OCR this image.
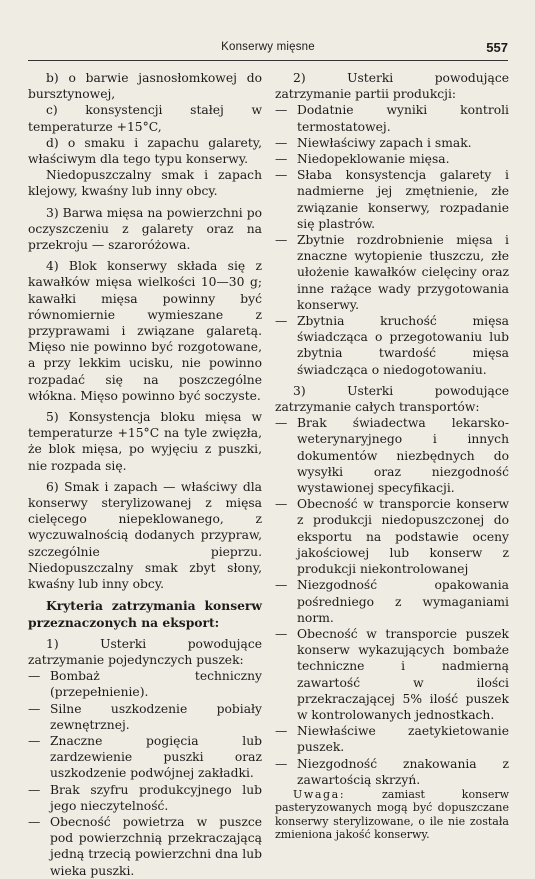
Konserwy mięsne	557

b) o barwie jasnosłomkowej do bursztynowej,

c) konsystencji stałej w temperaturze +15°C,

d) o smaku i zapachu galarety, właściwym dla tego typu konserwy.

Niedopuszczalny smak i zapach klejowy, kwaśny lub inny obcy.

3) Barwa mięsa na powierzchni po oczyszczeniu z galarety oraz na przekroju — szaroróżowa.

4) Blok konserwy składa się z kawałków mięsa wielkości 10—30 g; kawałki mięsa powinny być równomiernie wymieszane z przyprawami i związane galaretą. Mięso nie powinno być rozgotowane, a przy lekkim ucisku, nie powinno rozpadać się na poszczególne włókna. Mięso powinno być soczyste.

5) Konsystencja bloku mięsa w temperaturze +15°C na tyle zwięzła, że blok mięsa, po wyjęciu z puszki, nie rozpada się.

6) Smak i zapach — właściwy dla konserwy sterylizowanej z mięsa cielęcego niepeklowanego, z wyczuwalnością dodanych przypraw, szczególnie pieprzu. Niedopuszczalny smak zbyt słony, kwaśny lub inny obcy.

Kryteria zatrzymania konserw przeznaczonych na eksport:

1) Usterki powodujące zatrzymanie pojedynczych puszek:

— Bombaż techniczny (przepełnienie).
— Silne uszkodzenie pobiały zewnętrznej.
— Znaczne pogięcia lub zardzewienie puszki oraz uszkodzenie podwójnej zakładki.
— Brak szyfru produkcyjnego lub jego nieczytelność.
— Obecność powietrza w puszce pod powierzchnią przekraczającą jedną trzecią powierzchni dna lub wieka puszki.

2) Usterki powodujące zatrzymanie partii produkcji:

— Dodatnie wyniki kontroli termostatowej.
— Niewłaściwy zapach i smak.
— Niedopeklowanie mięsa.
— Słaba konsystencja galarety i nadmierne jej zmętnienie, złe związanie konserwy, rozpadanie się plastrów.
— Zbytnie rozdrobnienie mięsa i znaczne wytopienie tłuszczu, złe ułożenie kawałków cielęciny oraz inne rażące wady przygotowania konserwy.
— Zbytnia kruchość mięsa świadcząca o przegotowaniu lub zbytnia twardość mięsa świadcząca o niedogotowaniu.

3) Usterki powodujące zatrzymanie całych transportów:

— Brak świadectwa lekarsko-weterynaryjnego i innych dokumentów niezbędnych do wysyłki oraz niezgodność wystawionej specyfikacji.
— Obecność w transporcie konserw z produkcji niedopuszczonej do eksportu na podstawie oceny jakościowej lub konserw z produkcji niekontrolowanej
— Niezgodność opakowania pośredniego z wymaganiami norm.
— Obecność w transporcie puszek konserw wykazujących bombaże techniczne i nadmierną zawartość w ilości przekraczającej 5% ilość puszek w kontrolowanych jednostkach.
— Niewłaściwe zaetykietowanie puszek.
— Niezgodność znakowania z zawartością skrzyń.

Uwaga:	zamiast konserw pasteryzowanych mogą być dopuszczane konserwy sterylizowane, o ile nie została zmieniona jakość konserwy.
